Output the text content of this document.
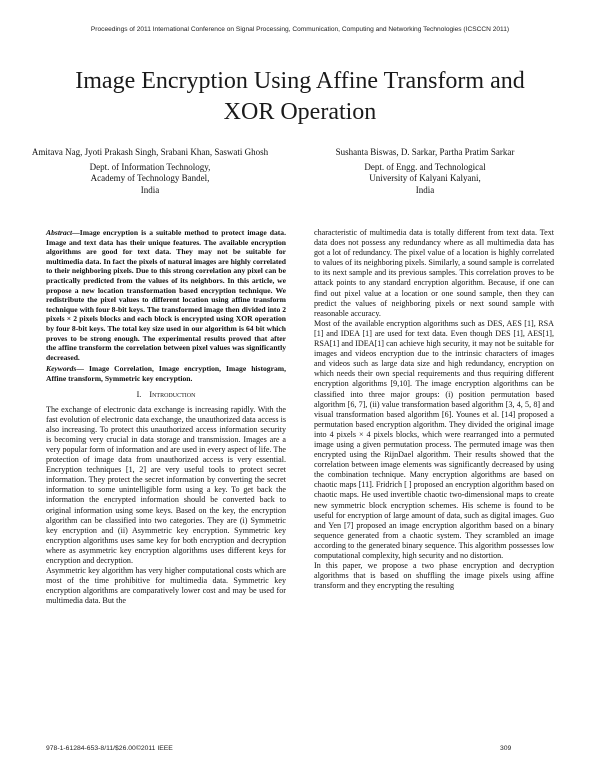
Proceedings of 2011 International Conference on Signal Processing, Communication, Computing and Networking Technologies (ICSCCN 2011)
Image Encryption Using Affine Transform and
XOR Operation
Amitava Nag, Jyoti Prakash Singh, Srabani Khan, Saswati Ghosh
Dept. of Information Technology,
Academy of Technology Bandel,
India
Sushanta Biswas, D. Sarkar, Partha Pratim Sarkar
Dept. of Engg. and Technological
University of Kalyani Kalyani,
India

Abstract—Image encryption is a suitable method to protect image data. Image and text data has their unique features. The available encryption algorithms are good for text data. They may not be suitable for multimedia data. In fact the pixels of natural images are highly correlated to their neighboring pixels. Due to this strong correlation any pixel can be practically predicted from the values of its neighbors. In this article, we propose a new location transformation based encryption technique. We redistribute the pixel values to different location using affine transform technique with four 8-bit keys. The transformed image then divided into 2 pixels × 2 pixels blocks and each block is encrypted using XOR operation by four 8-bit keys. The total key size used in our algorithm is 64 bit which proves to be strong enough. The experimental results proved that after the affine transform the correlation between pixel values was significantly decreased.

Keywords— Image Correlation, Image encryption, Image histogram, Affine transform, Symmetric key encryption.

I. Introduction

The exchange of electronic data exchange is increasing rapidly. With the fast evolution of electronic data exchange, the unauthorized data access is also increasing. To protect this unauthorized access information security is becoming very crucial in data storage and transmission. Images are a very popular form of information and are used in every aspect of life. The protection of image data from unauthorized access is very essential. Encryption techniques [1, 2] are very useful tools to protect secret information. They protect the secret information by converting the secret information to some unintelligible form using a key. To get back the information the encrypted information should be converted back to original information using some keys. Based on the key, the encryption algorithm can be classified into two categories. They are (i) Symmetric key encryption and (ii) Asymmetric key encryption. Symmetric key encryption algorithms uses same key for both encryption and decryption where as asymmetric key encryption algorithms uses different keys for encryption and decryption.

Asymmetric key algorithm has very higher computational costs which are most of the time prohibitive for multimedia data. Symmetric key encryption algorithms are comparatively lower cost and may be used for multimedia data. But the

characteristic of multimedia data is totally different from text data. Text data does not possess any redundancy where as all multimedia data has got a lot of redundancy. The pixel value of a location is highly correlated to values of its neighboring pixels. Similarly, a sound sample is correlated to its next sample and its previous samples. This correlation proves to be attack points to any standard encryption algorithm. Because, if one can find out pixel value at a location or one sound sample, then they can predict the values of neighboring pixels or next sound sample with reasonable accuracy.

Most of the available encryption algorithms such as DES, AES [1], RSA [1] and IDEA [1] are used for text data. Even though DES [1], AES[1], RSA[1] and IDEA[1] can achieve high security, it may not be suitable for images and videos encryption due to the intrinsic characters of images and videos such as large data size and high redundancy, encryption on which needs their own special requirements and thus requiring different encryption algorithms [9,10]. The image encryption algorithms can be classified into three major groups: (i) position permutation based algorithm [6, 7], (ii) value transformation based algorithm [3, 4, 5, 8] and visual transformation based algorithm [6]. Younes et al. [14] proposed a permutation based encryption algorithm. They divided the original image into 4 pixels × 4 pixels blocks, which were rearranged into a permuted image using a given permutation process. The permuted image was then encrypted using the RijnDael algorithm. Their results showed that the correlation between image elements was significantly decreased by using the combination technique. Many encryption algorithms are based on chaotic maps [11]. Fridrich [ ] proposed an encryption algorithm based on chaotic maps. He used invertible chaotic two-dimensional maps to create new symmetric block encryption schemes. His scheme is found to be useful for encryption of large amount of data, such as digital images. Guo and Yen [7] proposed an image encryption algorithm based on a binary sequence generated from a chaotic system. They scrambled an image according to the generated binary sequence. This algorithm possesses low computational complexity, high security and no distortion.

In this paper, we propose a two phase encryption and decryption algorithms that is based on shuffling the image pixels using affine transform and they encrypting the resulting

978-1-61284-653-8/11/$26.00©2011 IEEE	309
